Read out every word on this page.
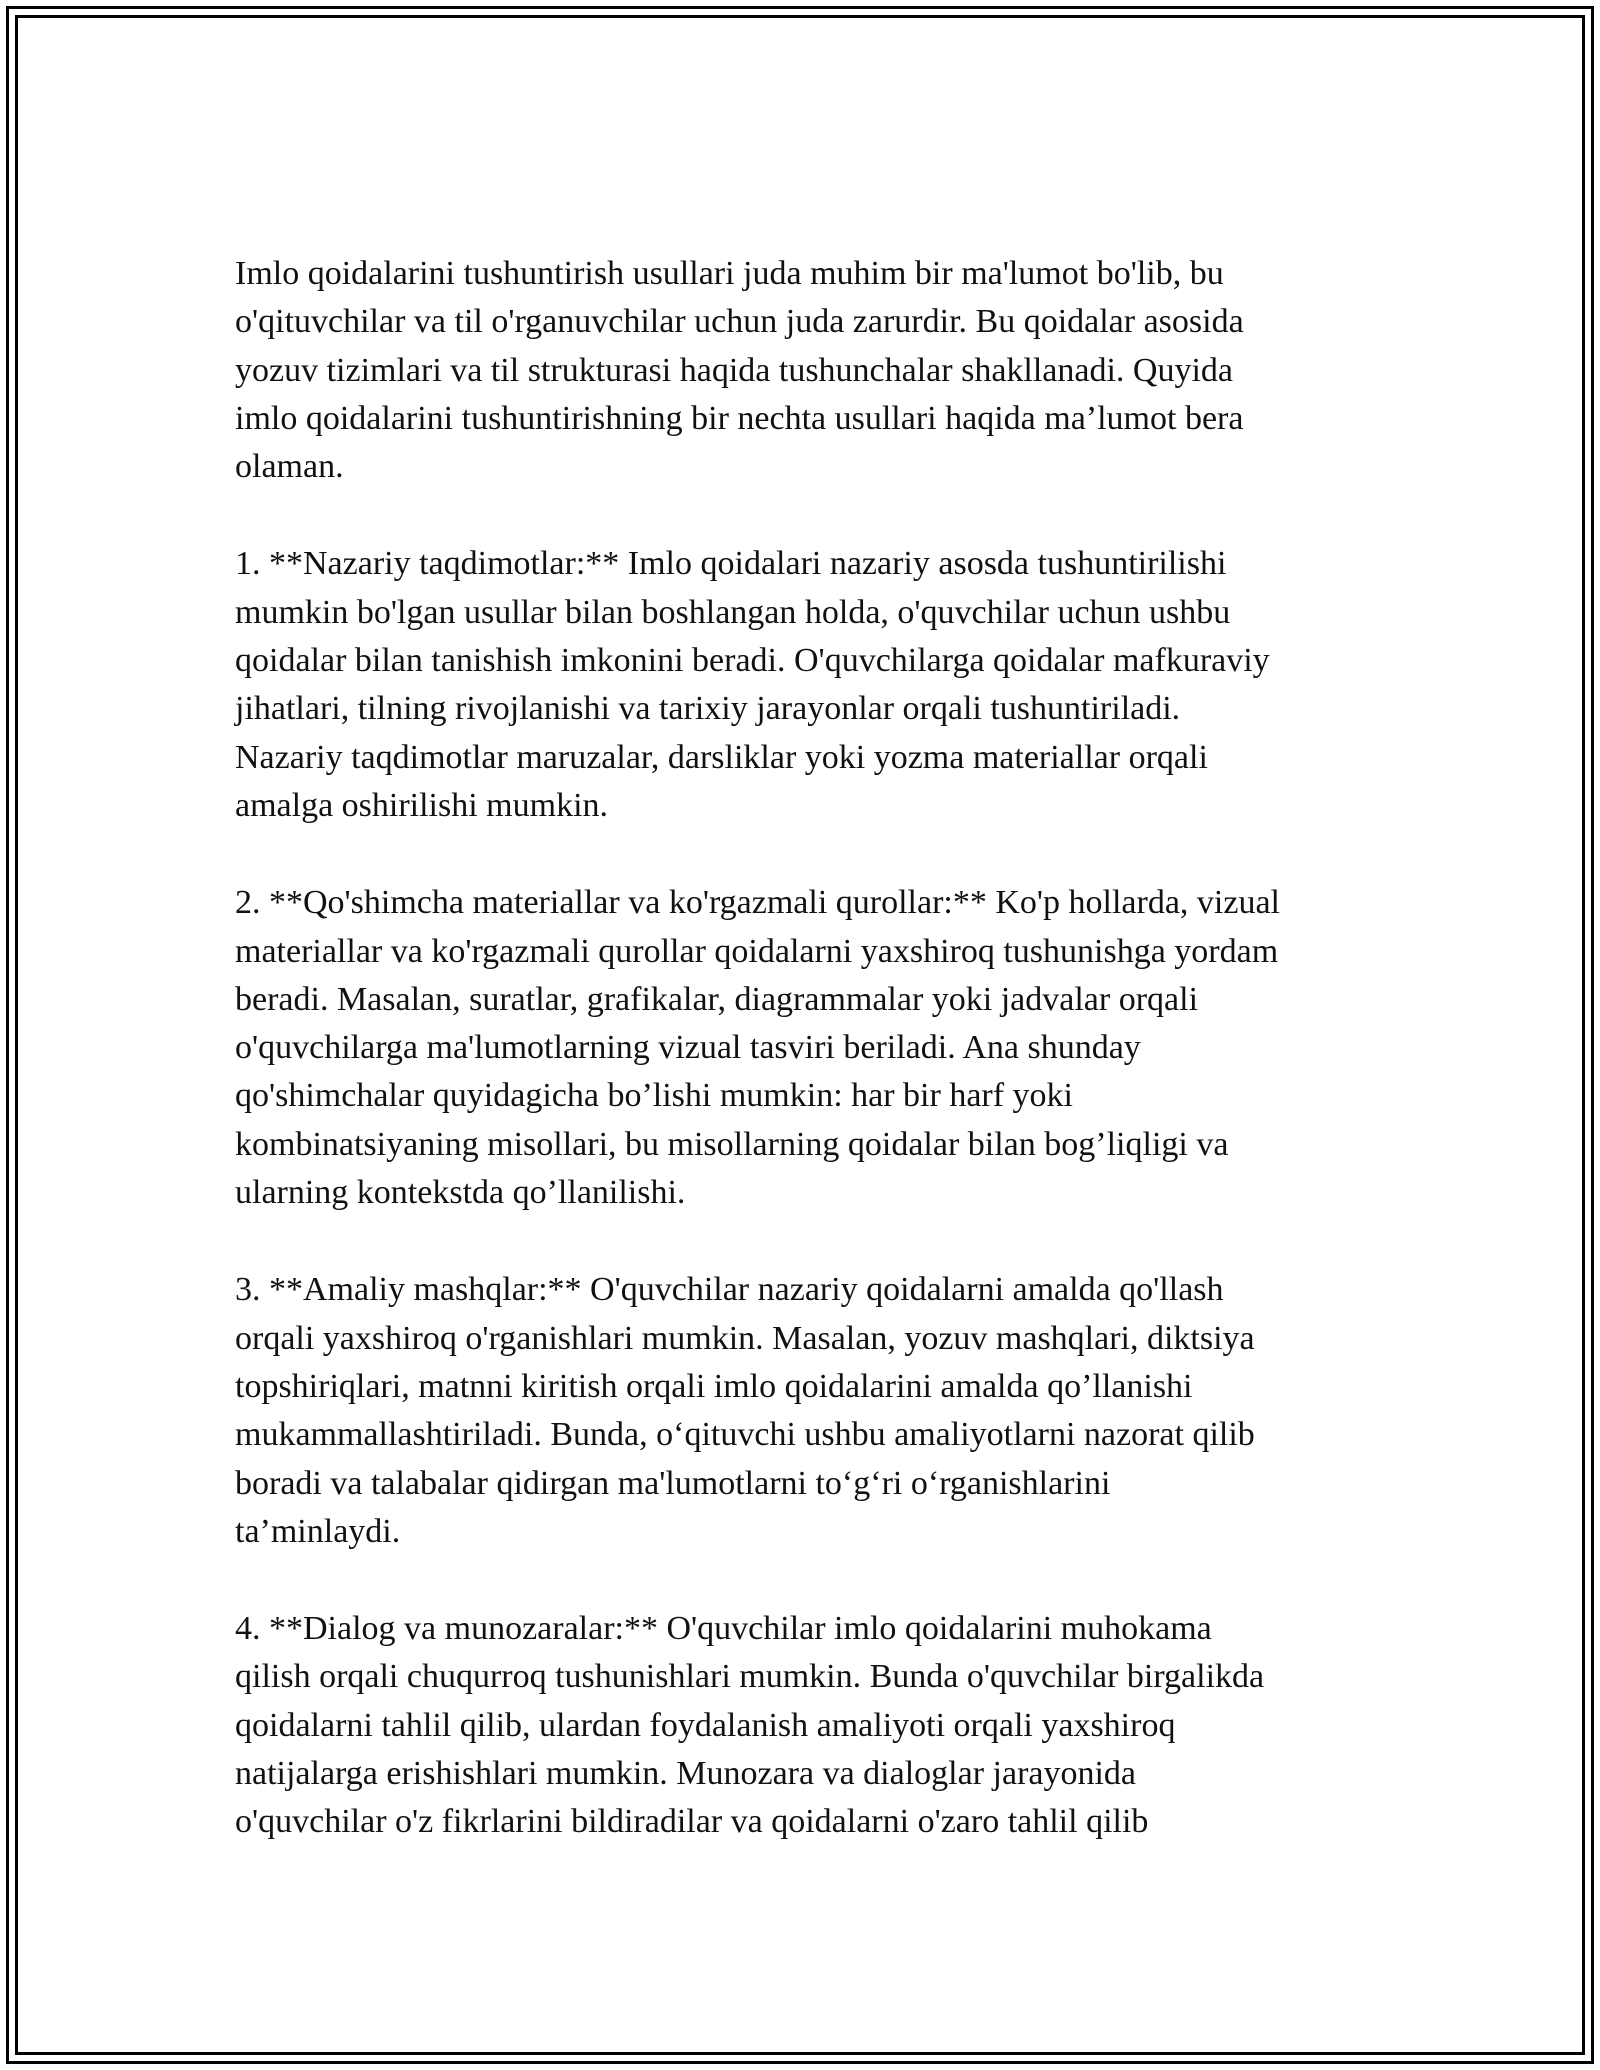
Imlo qoidalarini tushuntirish usullari juda muhim bir ma'lumot bo'lib, bu
o'qituvchilar va til o'rganuvchilar uchun juda zarurdir. Bu qoidalar asosida
yozuv tizimlari va til strukturasi haqida tushunchalar shakllanadi. Quyida
imlo qoidalarini tushuntirishning bir nechta usullari haqida ma’lumot bera
olaman.

1. **Nazariy taqdimotlar:** Imlo qoidalari nazariy asosda tushuntirilishi
mumkin bo'lgan usullar bilan boshlangan holda, o'quvchilar uchun ushbu
qoidalar bilan tanishish imkonini beradi. O'quvchilarga qoidalar mafkuraviy
jihatlari, tilning rivojlanishi va tarixiy jarayonlar orqali tushuntiriladi.
Nazariy taqdimotlar maruzalar, darsliklar yoki yozma materiallar orqali
amalga oshirilishi mumkin.

2. **Qo'shimcha materiallar va ko'rgazmali qurollar:** Ko'p hollarda, vizual
materiallar va ko'rgazmali qurollar qoidalarni yaxshiroq tushunishga yordam
beradi. Masalan, suratlar, grafikalar, diagrammalar yoki jadvalar orqali
o'quvchilarga ma'lumotlarning vizual tasviri beriladi. Ana shunday
qo'shimchalar quyidagicha bo’lishi mumkin: har bir harf yoki
kombinatsiyaning misollari, bu misollarning qoidalar bilan bog’liqligi va
ularning kontekstda qo’llanilishi.

3. **Amaliy mashqlar:** O'quvchilar nazariy qoidalarni amalda qo'llash
orqali yaxshiroq o'rganishlari mumkin. Masalan, yozuv mashqlari, diktsiya
topshiriqlari, matnni kiritish orqali imlo qoidalarini amalda qo’llanishi
mukammallashtiriladi. Bunda, o‘qituvchi ushbu amaliyotlarni nazorat qilib
boradi va talabalar qidirgan ma'lumotlarni to‘g‘ri o‘rganishlarini
ta’minlaydi.

4. **Dialog va munozaralar:** O'quvchilar imlo qoidalarini muhokama
qilish orqali chuqurroq tushunishlari mumkin. Bunda o'quvchilar birgalikda
qoidalarni tahlil qilib, ulardan foydalanish amaliyoti orqali yaxshiroq
natijalarga erishishlari mumkin. Munozara va dialoglar jarayonida
o'quvchilar o'z fikrlarini bildiradilar va qoidalarni o'zaro tahlil qilib
